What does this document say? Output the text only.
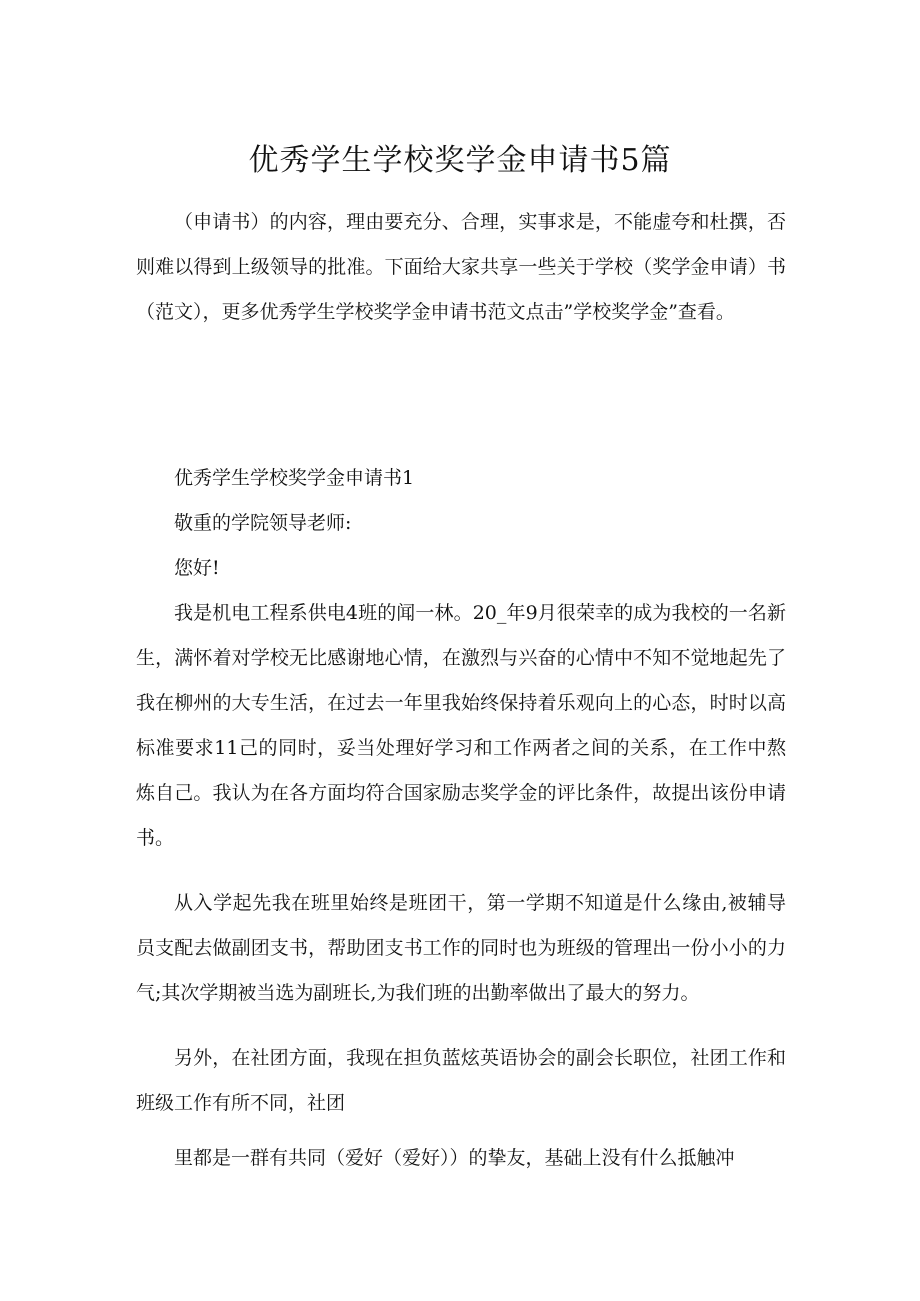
优秀学生学校奖学金申请书5篇

（申请书）的内容，理由要充分、合理，实事求是，不能虚夸和杜撰，否则难以得到上级领导的批准。下面给大家共享一些关于学校（奖学金申请）书（范文），更多优秀学生学校奖学金申请书范文点击”学校奖学金”查看。

优秀学生学校奖学金申请书1

敬重的学院领导老师:

您好!

我是机电工程系供电4班的闻一林。20_年9月很荣幸的成为我校的一名新生，满怀着对学校无比感谢地心情，在激烈与兴奋的心情中不知不觉地起先了我在柳州的大专生活，在过去一年里我始终保持着乐观向上的心态，时时以高标准要求11己的同时，妥当处理好学习和工作两者之间的关系，在工作中熬炼自己。我认为在各方面均符合国家励志奖学金的评比条件，故提出该份申请书。

从入学起先我在班里始终是班团干，第一学期不知道是什么缘由,被辅导员支配去做副团支书，帮助团支书工作的同时也为班级的管理出一份小小的力气;其次学期被当选为副班长,为我们班的出勤率做出了最大的努力。

另外，在社团方面，我现在担负蓝炫英语协会的副会长职位，社团工作和班级工作有所不同，社团

里都是一群有共同（爱好（爱好））的挚友，基础上没有什么抵触冲
